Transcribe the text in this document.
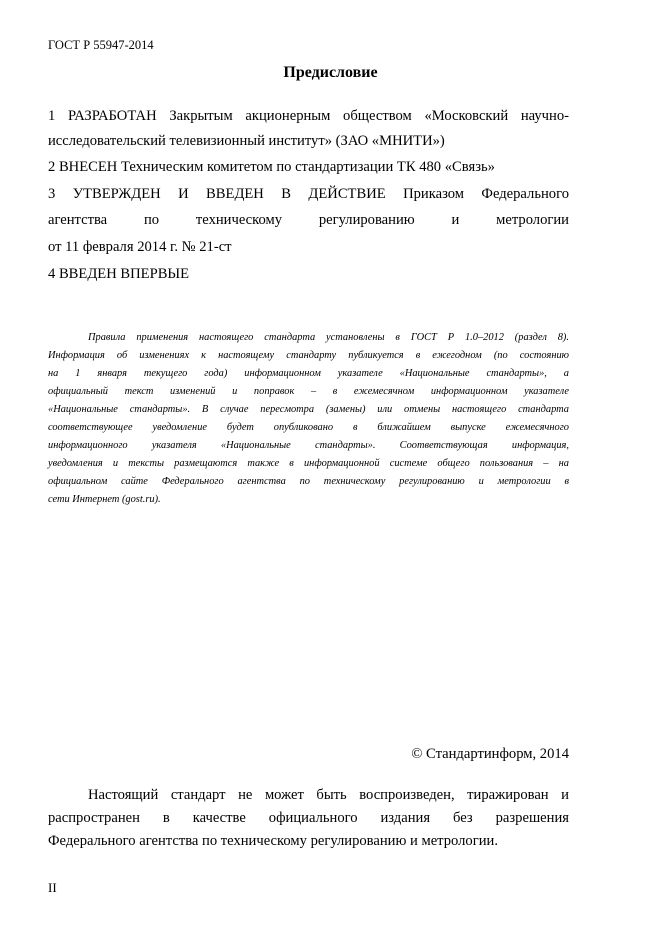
ГОСТ Р 55947-2014
Предисловие
1 РАЗРАБОТАН Закрытым акционерным обществом «Московский научно-
исследовательский телевизионный институт» (ЗАО «МНИТИ»)
2 ВНЕСЕН Техническим комитетом по стандартизации ТК 480 «Связь»
3 УТВЕРЖДЕН И ВВЕДЕН В ДЕЙСТВИЕ Приказом Федерального
агентства по техническому регулированию и метрологии
от 11 февраля 2014 г. № 21-ст
4 ВВЕДЕН ВПЕРВЫЕ
Правила применения настоящего стандарта установлены в ГОСТ Р 1.0–2012 (раздел 8).
Информация об изменениях к настоящему стандарту публикуется в ежегодном (по состоянию
на 1 января текущего года) информационном указателе «Национальные стандарты», а
официальный текст изменений и поправок – в ежемесячном информационном указателе
«Национальные стандарты». В случае пересмотра (замены) или отмены настоящего стандарта
соответствующее уведомление будет опубликовано в ближайшем выпуске ежемесячного
информационного указателя «Национальные стандарты». Соответствующая информация,
уведомления и тексты размещаются также в информационной системе общего пользования – на
официальном сайте Федерального агентства по техническому регулированию и метрологии в
сети Интернет (gost.ru).
© Стандартинформ, 2014
Настоящий стандарт не может быть воспроизведен, тиражирован и
распространен в качестве официального издания без разрешения
Федерального агентства по техническому регулированию и метрологии.
II
